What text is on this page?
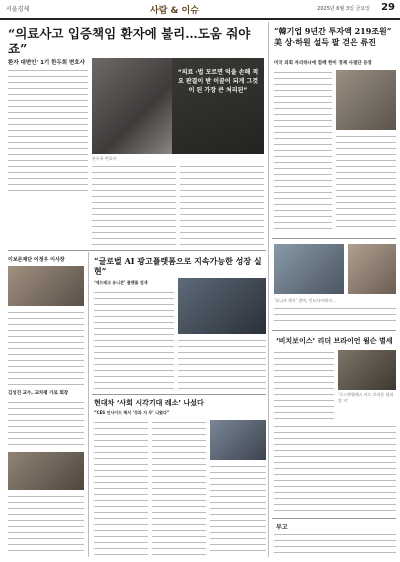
서울경제	사람 & 이슈	2025년 6월 3일 금요일 29
“의료사고 입증책임 환자에 불리…도움 줘야죠”
환자 대변인' 1기 한두희 변호사
“의료 ·법 모르면 억울 손해 적요 판결이 받 이끌어 되게 그것이 된 가장 큰 처리된”
한두희 변호사
“韓기업 9년간 투자액 219조원” 美 상·하원 설득 팔 걷은 류진
미국 의회 자리하나에 함께 한미 경제 사절단 등장
‘포니즈 행사’ 참여, 인도사이에서…
‘비치보이스’ 리더 브라이언 윌슨 별세
‘로스엔젤레스 어드 브라운 윌리엄 저’
부고
이보른재단 이정우 이사장
김성진 교수, 교차평 가로 회장
“글로벌 AI 광고플랫폼으로 지속가능한 성장 실현”
‘에드테크 유니콘’ 플랫폼 검색
현대차 ‘사회 시각기대 레소’ 나섰다
“CES 인사이드 해서 ‘성과 지 무’ 나왔다”
